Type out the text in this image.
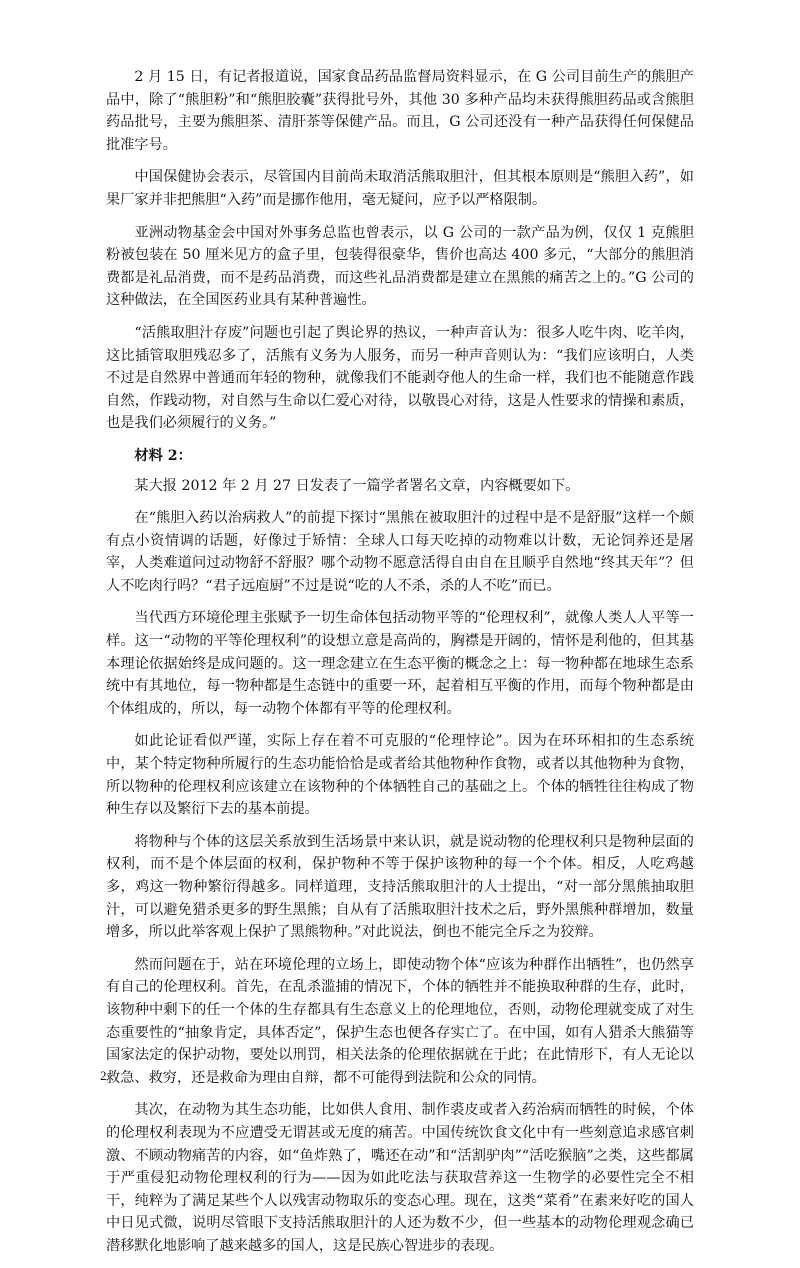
2 月 15 日，有记者报道说，国家食品药品监督局资料显示，在 G 公司目前生产的熊胆产品中，除了“熊胆粉”和“熊胆胶囊”获得批号外，其他 30 多种产品均未获得熊胆药品或含熊胆药品批号，主要为熊胆茶、清肝茶等保健产品。而且，G 公司还没有一种产品获得任何保健品批准字号。

中国保健协会表示，尽管国内目前尚未取消活熊取胆汁，但其根本原则是“熊胆入药”，如果厂家并非把熊胆“入药”而是挪作他用，毫无疑问，应予以严格限制。

亚洲动物基金会中国对外事务总监也曾表示，以 G 公司的一款产品为例，仅仅 1 克熊胆粉被包装在 50 厘米见方的盒子里，包装得很豪华，售价也高达 400 多元，“大部分的熊胆消费都是礼品消费，而不是药品消费，而这些礼品消费都是建立在黑熊的痛苦之上的。”G 公司的这种做法，在全国医药业具有某种普遍性。

“活熊取胆汁存废”问题也引起了舆论界的热议，一种声音认为：很多人吃牛肉、吃羊肉，这比插管取胆残忍多了，活熊有义务为人服务，而另一种声音则认为：“我们应该明白，人类不过是自然界中普通而年轻的物种，就像我们不能剥夺他人的生命一样，我们也不能随意作践自然，作践动物，对自然与生命以仁爱心对待，以敬畏心对待，这是人性要求的情操和素质，也是我们必须履行的义务。”

材料 2：

某大报 2012 年 2 月 27 日发表了一篇学者署名文章，内容概要如下。

在“熊胆入药以治病救人”的前提下探讨“黑熊在被取胆汁的过程中是不是舒服”这样一个颇有点小资情调的话题，好像过于矫情：全球人口每天吃掉的动物难以计数，无论饲养还是屠宰，人类难道问过动物舒不舒服？哪个动物不愿意活得自由自在且顺乎自然地“终其天年”？但人不吃肉行吗？“君子远庖厨”不过是说“吃的人不杀，杀的人不吃”而已。

当代西方环境伦理主张赋予一切生命体包括动物平等的“伦理权利”，就像人类人人平等一样。这一“动物的平等伦理权利”的设想立意是高尚的，胸襟是开阔的，情怀是利他的，但其基本理论依据始终是成问题的。这一理念建立在生态平衡的概念之上：每一物种都在地球生态系统中有其地位，每一物种都是生态链中的重要一环，起着相互平衡的作用，而每个物种都是由个体组成的，所以，每一动物个体都有平等的伦理权利。

如此论证看似严谨，实际上存在着不可克服的“伦理悖论”。因为在环环相扣的生态系统中，某个特定物种所履行的生态功能恰恰是或者给其他物种作食物，或者以其他物种为食物，所以物种的伦理权利应该建立在该物种的个体牺牲自己的基础之上。个体的牺牲往往构成了物种生存以及繁衍下去的基本前提。

将物种与个体的这层关系放到生活场景中来认识，就是说动物的伦理权利只是物种层面的权利，而不是个体层面的权利，保护物种不等于保护该物种的每一个个体。相反，人吃鸡越多，鸡这一物种繁衍得越多。同样道理，支持活熊取胆汁的人士提出，“对一部分黑熊抽取胆汁，可以避免猎杀更多的野生黑熊；自从有了活熊取胆汁技术之后，野外黑熊种群增加，数量增多，所以此举客观上保护了黑熊物种。”对此说法，倒也不能完全斥之为狡辩。

然而问题在于，站在环境伦理的立场上，即使动物个体“应该为种群作出牺牲”，也仍然享有自己的伦理权利。首先，在乱杀滥捕的情况下，个体的牺牲并不能换取种群的生存，此时，该物种中剩下的任一个体的生存都具有生态意义上的伦理地位，否则，动物伦理就变成了对生态重要性的“抽象肯定，具体否定”，保护生态也便各存实亡了。在中国，如有人猎杀大熊猫等国家法定的保护动物，要处以刑罚，相关法条的伦理依据就在于此；在此情形下，有人无论以救急、救穷，还是救命为理由自辩，都不可能得到法院和公众的同情。

其次，在动物为其生态功能，比如供人食用、制作裘皮或者入药治病而牺牲的时候，个体的伦理权利表现为不应遭受无谓甚或无度的痛苦。中国传统饮食文化中有一些刻意追求感官刺激、不顾动物痛苦的内容，如“鱼炸熟了，嘴还在动”和“活割驴肉”“活吃猴脑”之类，这些都属于严重侵犯动物伦理权利的行为——因为如此吃法与获取营养这一生物学的必要性完全不相干，纯粹为了满足某些个人以残害动物取乐的变态心理。现在，这类“菜肴”在素来好吃的国人中日见式微，说明尽管眼下支持活熊取胆汁的人还为数不少，但一些基本的动物伦理观念确已潜移默化地影响了越来越多的国人，这是民族心智进步的表现。

2
